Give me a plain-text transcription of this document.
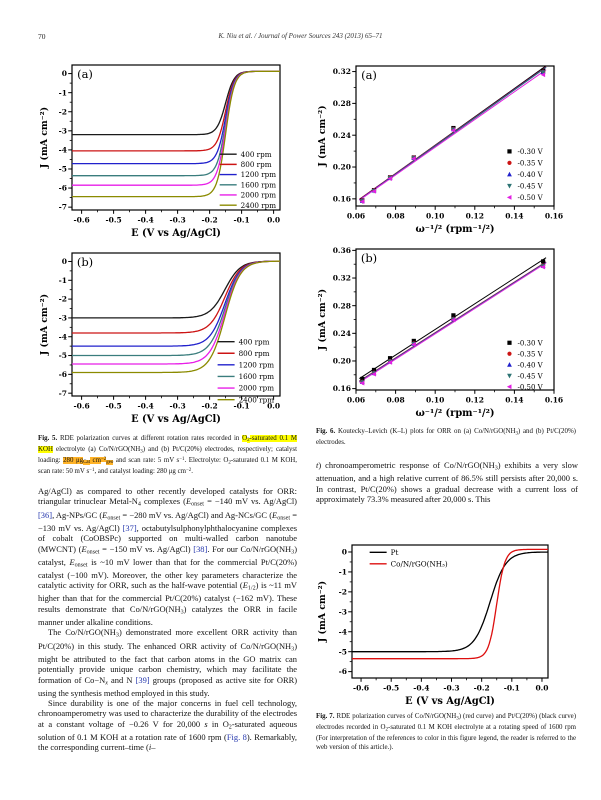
70	K. Niu et al. / Journal of Power Sources 243 (2013) 65–71
-0.6 -0.5 -0.4 -0.3 -0.2 -0.1 0.0
0
-1
-2
-3
-4
-5
-6
-7
E (V vs Ag/AgCl)
J (mA cm⁻²)
(a)
400 rpm
800 rpm
1200 rpm
1600 rpm
2000 rpm
2400 rpm
-0.6 -0.5 -0.4 -0.3 -0.2 -0.1 0.0
0
-1
-2
-3
-4
-5
-6
-7
E (V vs Ag/AgCl)
J (mA cm⁻²)
(b)
400 rpm
800 rpm
1200 rpm
1600 rpm
2000 rpm
2400 rpm
0.06	0.08	0.10	0.12	0.14	0.16
0.16
0.20
0.24
0.28
0.32
ω⁻¹/² (rpm⁻¹/²)
J (mA cm⁻²)
(a)
-0.30 V
-0.35 V
-0.40 V
-0.45 V
-0.50 V
0.06	0.08	0.10	0.12	0.14	0.16
0.16
0.20
0.24
0.28
0.32
0.36
ω⁻¹/² (rpm⁻¹/²)
J (mA cm⁻²)
(b)
-0.30 V
-0.35 V
-0.40 V
-0.45 V
-0.50 V
-0.6 -0.5 -0.4 -0.3 -0.2 -0.1 0.0
0
-1
-2
-3
-4
-5
-6
E (V vs Ag/AgCl)
J (mA cm⁻²)
Pt
Co/N/rGO(NH₃)
Fig. 5. RDE polarization curves at different rotation rates recorded in $O_2$-saturated 0.1 M KOH electrolyte (a) $Co/N/rGO(NH_3)$ and (b) Pt/C(20%) electrodes, respectively; catalyst loading: 280 $\mu g_{Cat}$ $cm^{-2}_{geo}$ and scan rate: 5 mV $s^{-1}$. Electrolyte: $O_2$-saturated 0.1 M KOH, scan rate: 50 mV $s^{-1}$, and catalyst loading: 280 μg $cm^{-2}$.
Fig. 6. Koutecky–Levich (K–L) plots for ORR on (a) $Co/N/rGO(NH_3)$ and (b) Pt/C(20%) electrodes.
Fig. 7. RDE polarization curves of $Co/N/rGO(NH_3)$ (red curve) and Pt/C(20%) (black curve) electrodes recorded in $O_2$-saturated 0.1 M KOH electrolyte at a rotating speed of 1600 rpm (For interpretation of the references to color in this figure legend, the reader is referred to the web version of this article.).

Ag/AgCl) as compared to other recently developed catalysts for ORR: triangular trinuclear Metal-$N_4$ complexes ($E_{onset} = -140$ mV vs. Ag/AgCl) [36], Ag-NPs/GC ($E_{onset} = -280$ mV vs. Ag/AgCl) and Ag-NCs/GC ($E_{onset} = -130$ mV vs. Ag/AgCl) [37], octabutylsulphonylphthalocyanine complexes of cobalt (CoOBSPc) supported on multi-walled carbon nanotube (MWCNT) ($E_{onset} = -150$ mV vs. Ag/AgCl) [38]. For our $Co/N/rGO(NH_3)$ catalyst, $E_{onset}$ is ~10 mV lower than that for the commercial Pt/C(20%) catalyst (−100 mV). Moreover, the other key parameters characterize the catalytic activity for ORR, such as the half-wave potential $(E_{1/2})$ is ~11 mV higher than that for the commercial Pt/C(20%) catalyst (−162 mV). These results demonstrate that $Co/N/rGO(NH_3)$ catalyzes the ORR in facile manner under alkaline conditions.

The $Co/N/rGO(NH_3)$ demonstrated more excellent ORR activity than Pt/C(20%) in this study. The enhanced ORR activity of $Co/N/rGO(NH_3)$ might be attributed to the fact that carbon atoms in the GO matrix can potentially provide unique carbon chemistry, which may facilitate the formation of $Co-N_x$ and N [39] groups (proposed as active site for ORR) using the synthesis method employed in this study.

Since durability is one of the major concerns in fuel cell technology, chronoamperometry was used to characterize the durability of the electrodes at a constant voltage of −0.26 V for 20,000 s in $O_2$-saturated aqueous solution of 0.1 M KOH at a rotation rate of 1600 rpm (Fig. 8). Remarkably, the corresponding current–time (i–

t) chronoamperometric response of $Co/N/rGO(NH_3)$ exhibits a very slow attenuation, and a high relative current of 86.5% still persists after 20,000 s. In contrast, Pt/C(20%) shows a gradual decrease with a current loss of approximately 73.3% measured after 20,000 s. This
